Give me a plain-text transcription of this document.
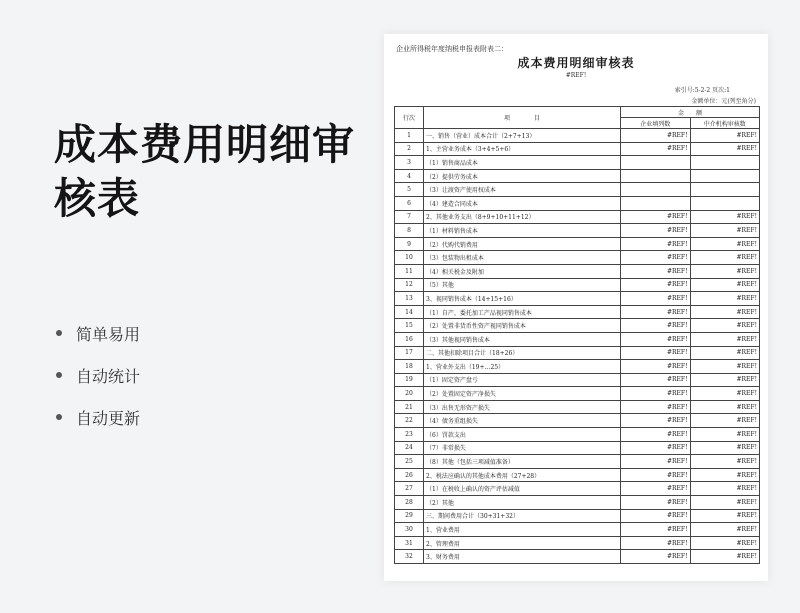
成本费用明细审核表
简单易用
自动统计
自动更新
企业所得税年度纳税申报表附表二：
成本费用明细审核表
#REF!
索引号:5-2-2 页次:1
金额单位：元(列至角分)
行次	项　　　　目	金　　额	
		企业填列数	中介机构审核数
1	一、销售（营业）成本合计（2+7+13）	#REF!	#REF!
2	1、主营业务成本（3+4+5+6）	#REF!	#REF!
3	（1）销售商品成本		
4	（2）提供劳务成本		
5	（3）让渡资产使用权成本		
6	（4）建造合同成本		
7	2、其他业务支出（8+9+10+11+12）	#REF!	#REF!
8	（1）材料销售成本	#REF!	#REF!
9	（2）代购代销费用	#REF!	#REF!
10	（3）包装物出租成本	#REF!	#REF!
11	（4）相关税金及附加	#REF!	#REF!
12	（5）其他	#REF!	#REF!
13	3、视同销售成本（14+15+16）	#REF!	#REF!
14	（1）自产、委托加工产品视同销售成本	#REF!	#REF!
15	（2）处置非货币性资产视同销售成本	#REF!	#REF!
16	（3）其他视同销售成本	#REF!	#REF!
17	二、其他扣除项目合计（18+26）	#REF!	#REF!
18	1、营业外支出（19+…25）	#REF!	#REF!
19	（1）固定资产盘亏	#REF!	#REF!
20	（2）处置固定资产净损失	#REF!	#REF!
21	（3）出售无形资产损失	#REF!	#REF!
22	（4）债务重组损失	#REF!	#REF!
23	（6）罚款支出	#REF!	#REF!
24	（7）非常损失	#REF!	#REF!
25	（8）其他（包括三项减值准备）	#REF!	#REF!
26	2、税法应确认的其他成本费用（27+28）	#REF!	#REF!
27	（1）在税收上确认的资产评估减值	#REF!	#REF!
28	（2）其他	#REF!	#REF!
29	三、期间费用合计（30+31+32）	#REF!	#REF!
30	1、营业费用	#REF!	#REF!
31	2、管理费用	#REF!	#REF!
32	3、财务费用	#REF!	#REF!
